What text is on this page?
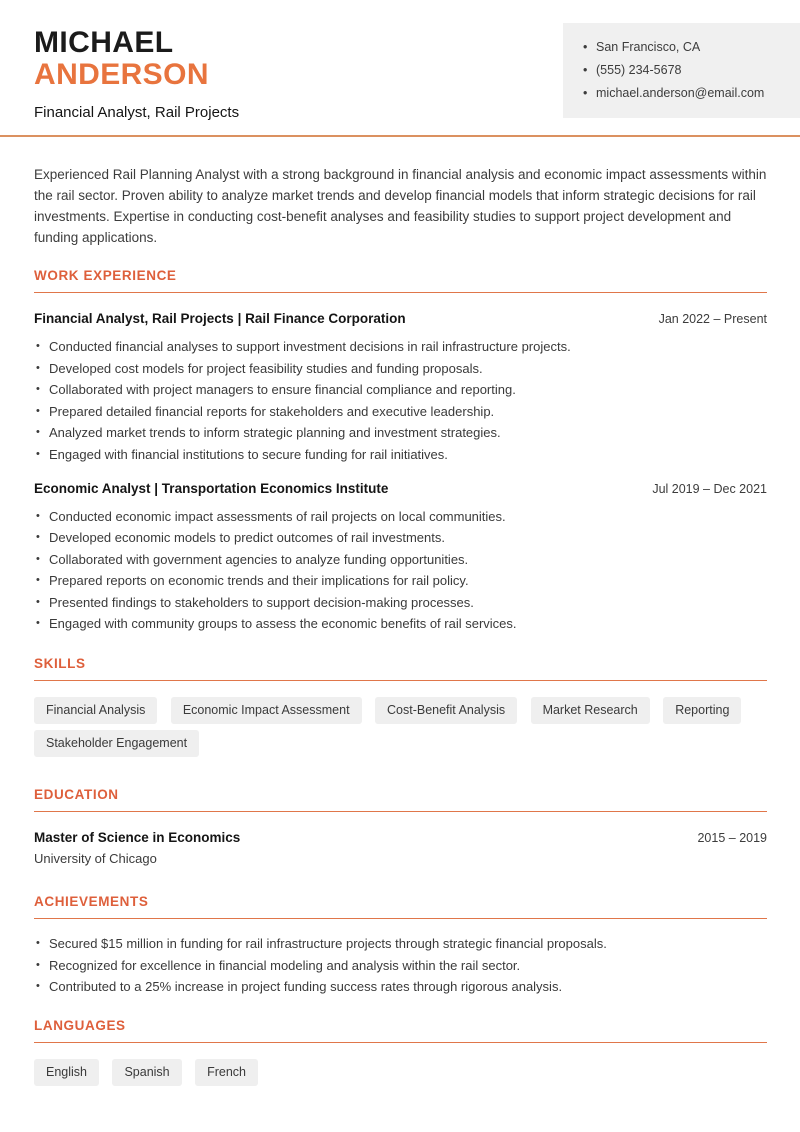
MICHAEL
ANDERSON
Financial Analyst, Rail Projects
• San Francisco, CA
• (555) 234-5678
• michael.anderson@email.com

Experienced Rail Planning Analyst with a strong background in financial analysis and economic impact assessments within the rail sector. Proven ability to analyze market trends and develop financial models that inform strategic decisions for rail investments. Expertise in conducting cost-benefit analyses and feasibility studies to support project development and funding applications.

WORK EXPERIENCE
Financial Analyst, Rail Projects | Rail Finance Corporation	Jan 2022 – Present
• Conducted financial analyses to support investment decisions in rail infrastructure projects.
• Developed cost models for project feasibility studies and funding proposals.
• Collaborated with project managers to ensure financial compliance and reporting.
• Prepared detailed financial reports for stakeholders and executive leadership.
• Analyzed market trends to inform strategic planning and investment strategies.
• Engaged with financial institutions to secure funding for rail initiatives.
Economic Analyst | Transportation Economics Institute	Jul 2019 – Dec 2021
• Conducted economic impact assessments of rail projects on local communities.
• Developed economic models to predict outcomes of rail investments.
• Collaborated with government agencies to analyze funding opportunities.
• Prepared reports on economic trends and their implications for rail policy.
• Presented findings to stakeholders to support decision-making processes.
• Engaged with community groups to assess the economic benefits of rail services.
SKILLS
Financial Analysis	Economic Impact Assessment	Cost-Benefit Analysis	Market Research	Reporting Stakeholder Engagement
EDUCATION
Master of Science in Economics	2015 – 2019
University of Chicago
ACHIEVEMENTS
• Secured $15 million in funding for rail infrastructure projects through strategic financial proposals.
• Recognized for excellence in financial modeling and analysis within the rail sector.
• Contributed to a 25% increase in project funding success rates through rigorous analysis.
LANGUAGES
English	Spanish	French
